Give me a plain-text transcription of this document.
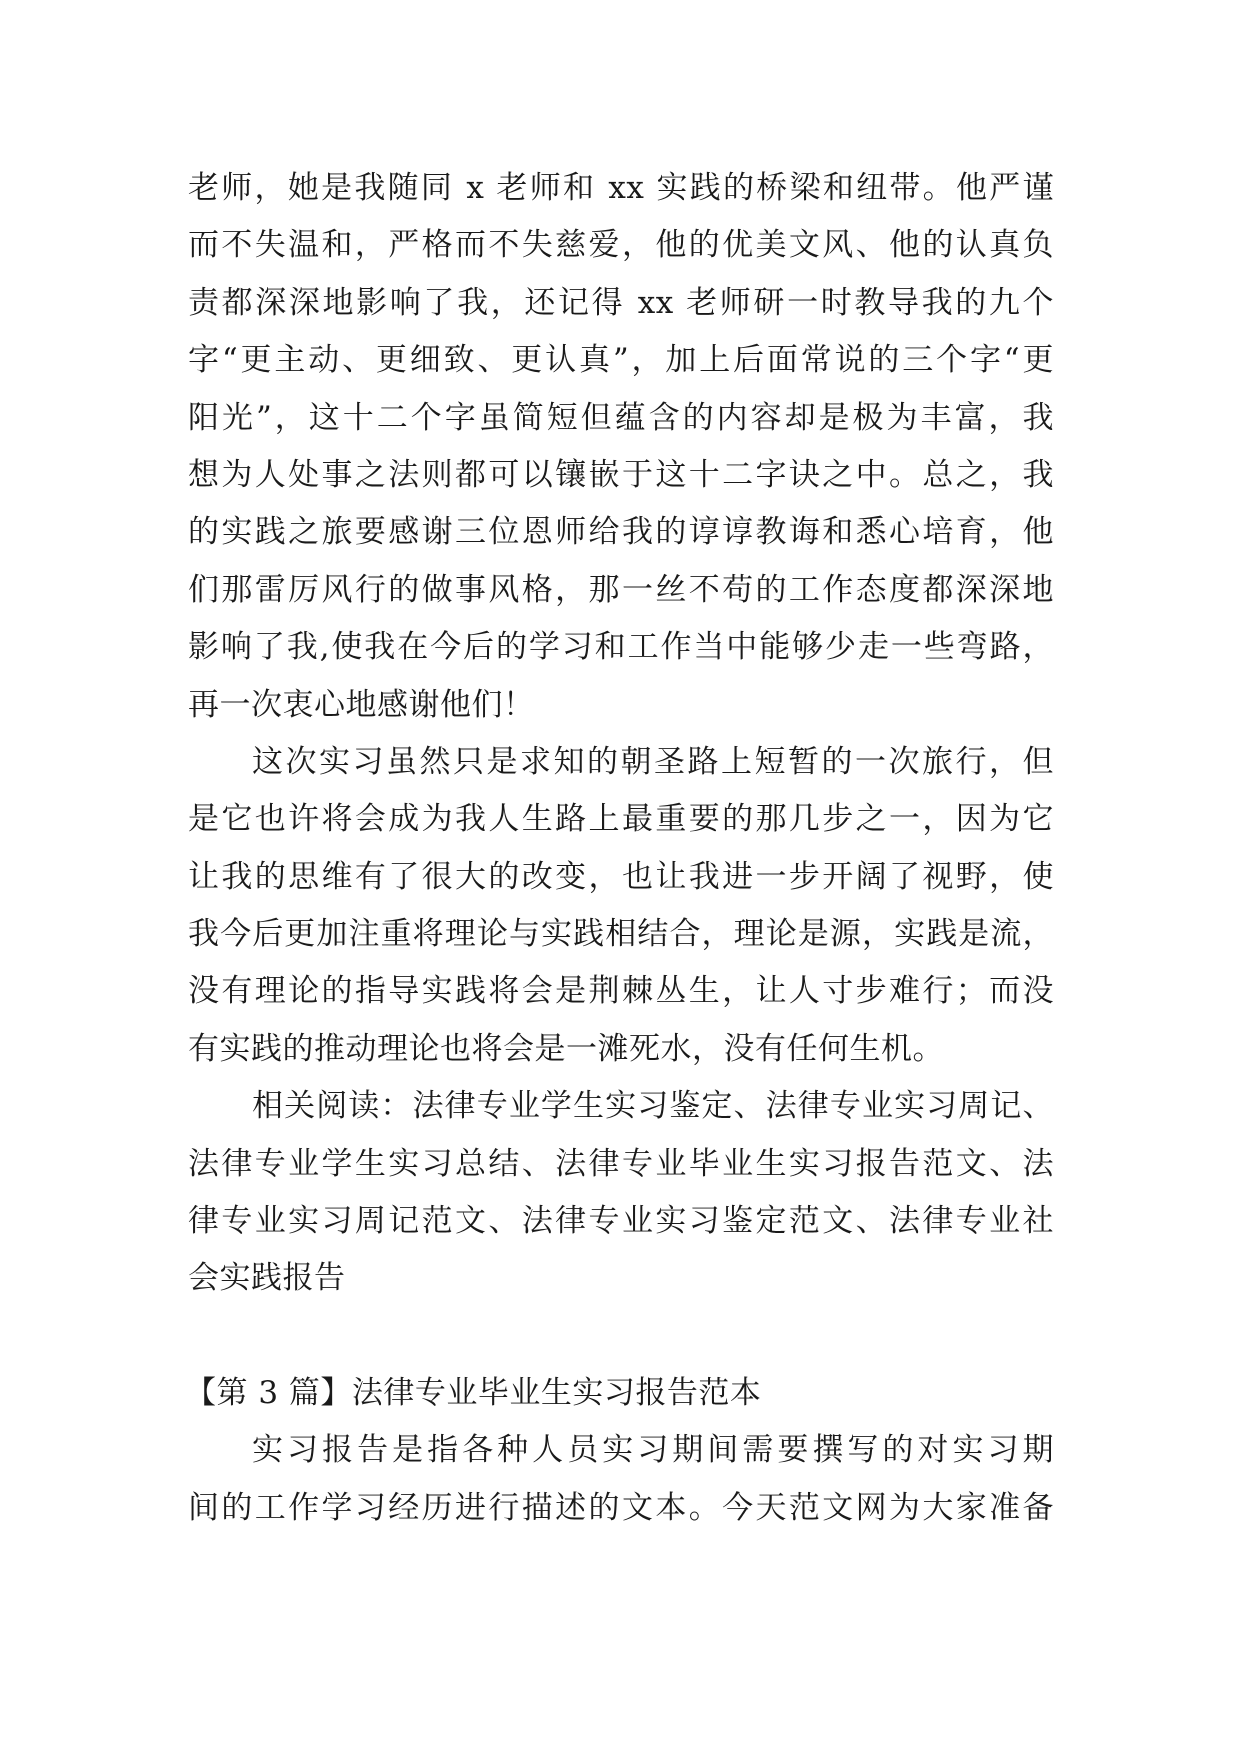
老师，她是我随同 x 老师和 xx 实践的桥梁和纽带。他严谨
而不失温和，严格而不失慈爱，他的优美文风、他的认真负
责都深深地影响了我，还记得 xx 老师研一时教导我的九个
字“更主动、更细致、更认真”，加上后面常说的三个字“更
阳光”，这十二个字虽简短但蕴含的内容却是极为丰富，我
想为人处事之法则都可以镶嵌于这十二字诀之中。总之，我
的实践之旅要感谢三位恩师给我的谆谆教诲和悉心培育，他
们那雷厉风行的做事风格，那一丝不苟的工作态度都深深地
影响了我,使我在今后的学习和工作当中能够少走一些弯路，
再一次衷心地感谢他们！
这次实习虽然只是求知的朝圣路上短暂的一次旅行，但
是它也许将会成为我人生路上最重要的那几步之一，因为它
让我的思维有了很大的改变，也让我进一步开阔了视野，使
我今后更加注重将理论与实践相结合，理论是源，实践是流，
没有理论的指导实践将会是荆棘丛生，让人寸步难行；而没
有实践的推动理论也将会是一滩死水，没有任何生机。
相关阅读：法律专业学生实习鉴定、法律专业实习周记、
法律专业学生实习总结、法律专业毕业生实习报告范文、法
律专业实习周记范文、法律专业实习鉴定范文、法律专业社
会实践报告
【第 3 篇】法律专业毕业生实习报告范本
实习报告是指各种人员实习期间需要撰写的对实习期
间的工作学习经历进行描述的文本。今天范文网为大家准备
